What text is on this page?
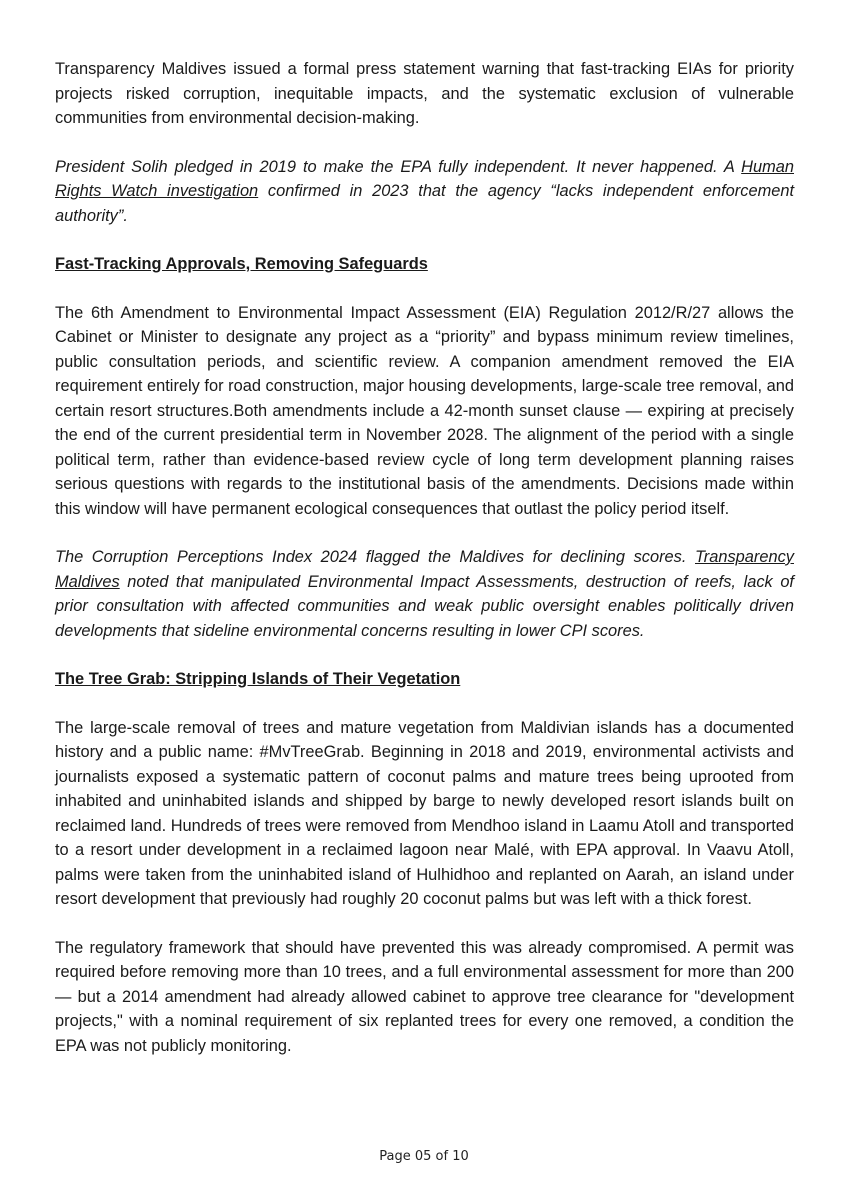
Transparency Maldives issued a formal press statement warning that fast-tracking EIAs for priority projects risked corruption, inequitable impacts, and the systematic exclusion of vulnerable communities from environmental decision-making.

President Solih pledged in 2019 to make the EPA fully independent. It never happened. A Human Rights Watch investigation confirmed in 2023 that the agency “lacks independent enforcement authority”.

Fast-Tracking Approvals, Removing Safeguards

The 6th Amendment to Environmental Impact Assessment (EIA) Regulation 2012/R/27 allows the Cabinet or Minister to designate any project as a “priority” and bypass minimum review timelines, public consultation periods, and scientific review. A companion amendment removed the EIA requirement entirely for road construction, major housing developments, large-scale tree removal, and certain resort structures.Both amendments include a 42-month sunset clause — expiring at precisely the end of the current presidential term in November 2028. The alignment of the period with a single political term, rather than evidence-based review cycle of long term development planning raises serious questions with regards to the institutional basis of the amendments. Decisions made within this window will have permanent ecological consequences that outlast the policy period itself.

The Corruption Perceptions Index 2024 flagged the Maldives for declining scores. Transparency Maldives noted that manipulated Environmental Impact Assessments, destruction of reefs, lack of prior consultation with affected communities and weak public oversight enables politically driven developments that sideline environmental concerns resulting in lower CPI scores.

The Tree Grab: Stripping Islands of Their Vegetation

The large-scale removal of trees and mature vegetation from Maldivian islands has a documented history and a public name: #MvTreeGrab. Beginning in 2018 and 2019, environmental activists and journalists exposed a systematic pattern of coconut palms and mature trees being uprooted from inhabited and uninhabited islands and shipped by barge to newly developed resort islands built on reclaimed land. Hundreds of trees were removed from Mendhoo island in Laamu Atoll and transported to a resort under development in a reclaimed lagoon near Malé, with EPA approval. In Vaavu Atoll, palms were taken from the uninhabited island of Hulhidhoo and replanted on Aarah, an island under resort development that previously had roughly 20 coconut palms but was left with a thick forest.

The regulatory framework that should have prevented this was already compromised. A permit was required before removing more than 10 trees, and a full environmental assessment for more than 200 — but a 2014 amendment had already allowed cabinet to approve tree clearance for "development projects," with a nominal requirement of six replanted trees for every one removed, a condition the EPA was not publicly monitoring.

Page 05 of 10
